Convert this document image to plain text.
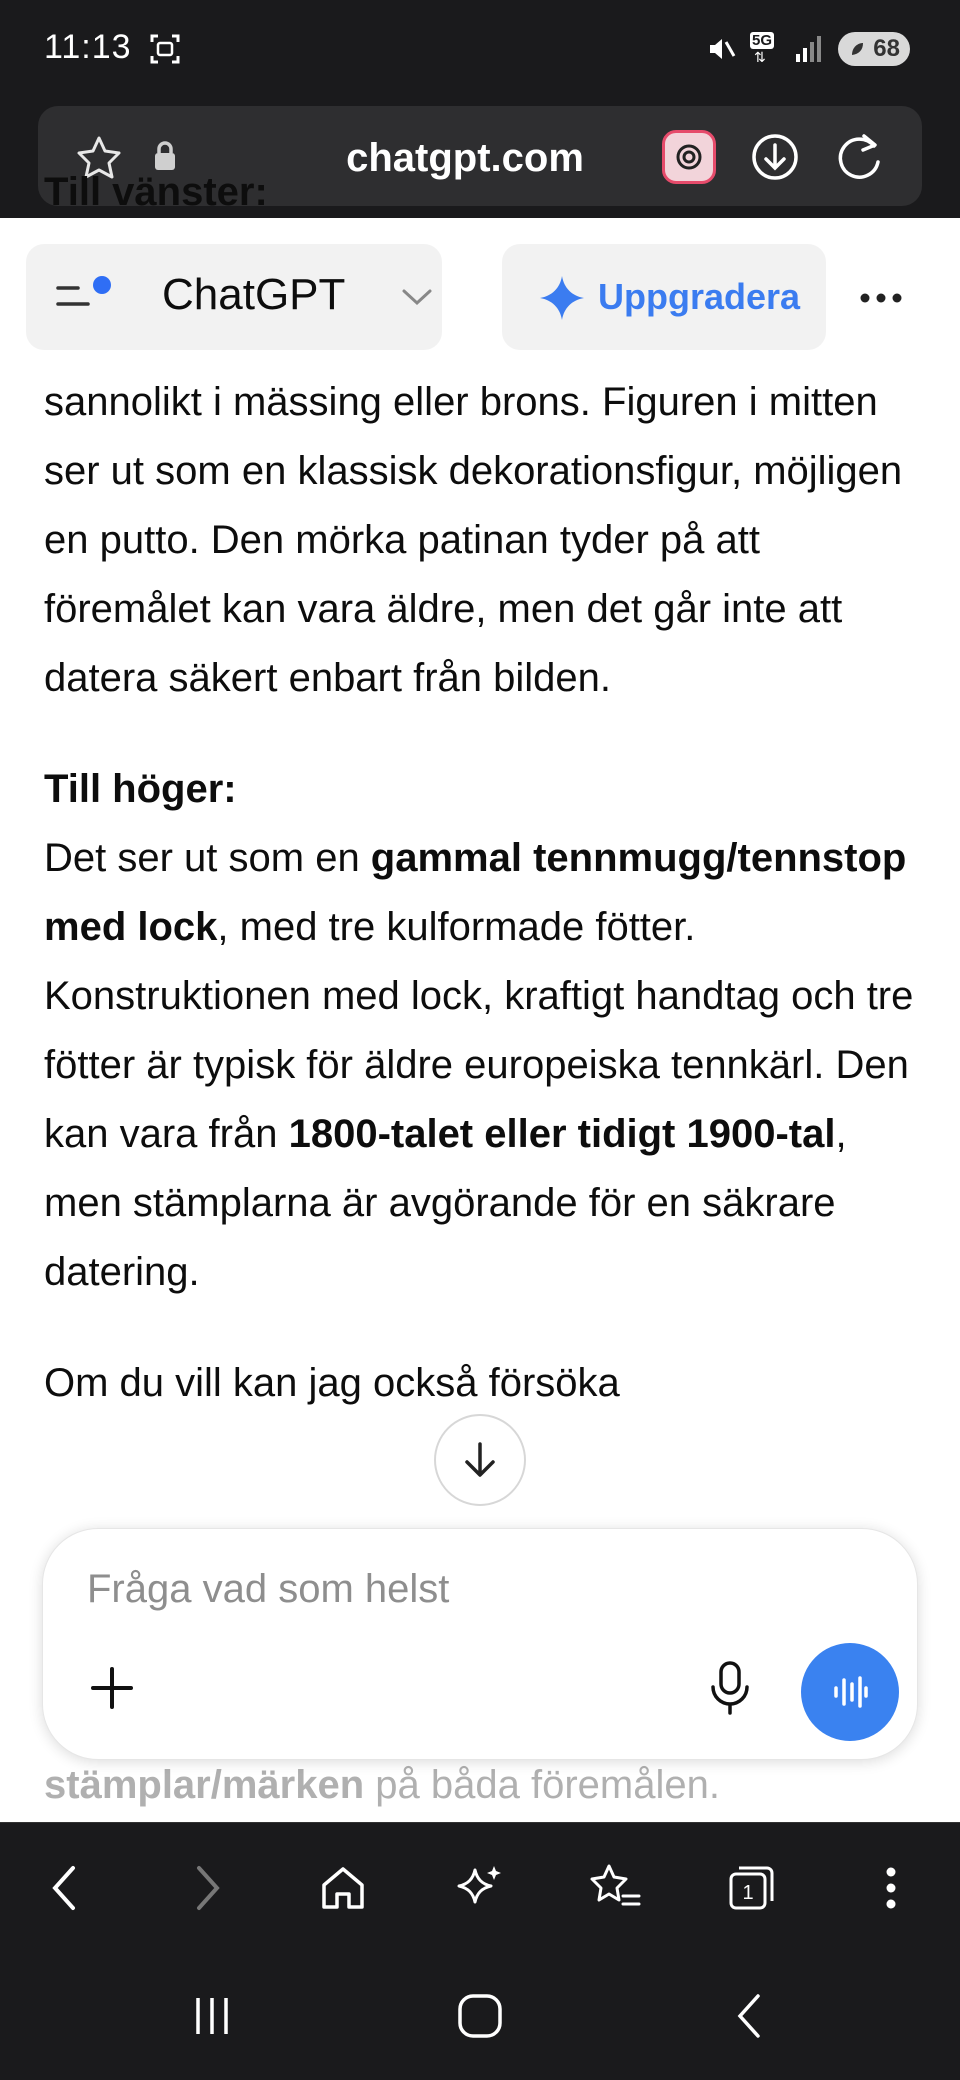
11:13	5G
⇅	68
chatgpt.com
Till vänster:

sannolikt i mässing eller brons. Figuren i mitten ser ut som en klassisk dekorationsfigur, möjligen en putto. Den mörka patinan tyder på att föremålet kan vara äldre, men det går inte att datera säkert enbart från bilden.

Till höger:

Det ser ut som en gammal tennmugg/tennstop med lock, med tre kulformade fötter. Konstruktionen med lock, kraftigt handtag och tre fötter är typisk för äldre europeiska tennkärl. Den kan vara från 1800-talet eller tidigt 1900-tal, men stämplarna är avgörande för en säkrare datering.

Om du vill kan jag också försöka

stämplar/märken på båda föremålen.
ChatGPT	Uppgradera
Fråga vad som helst
1
